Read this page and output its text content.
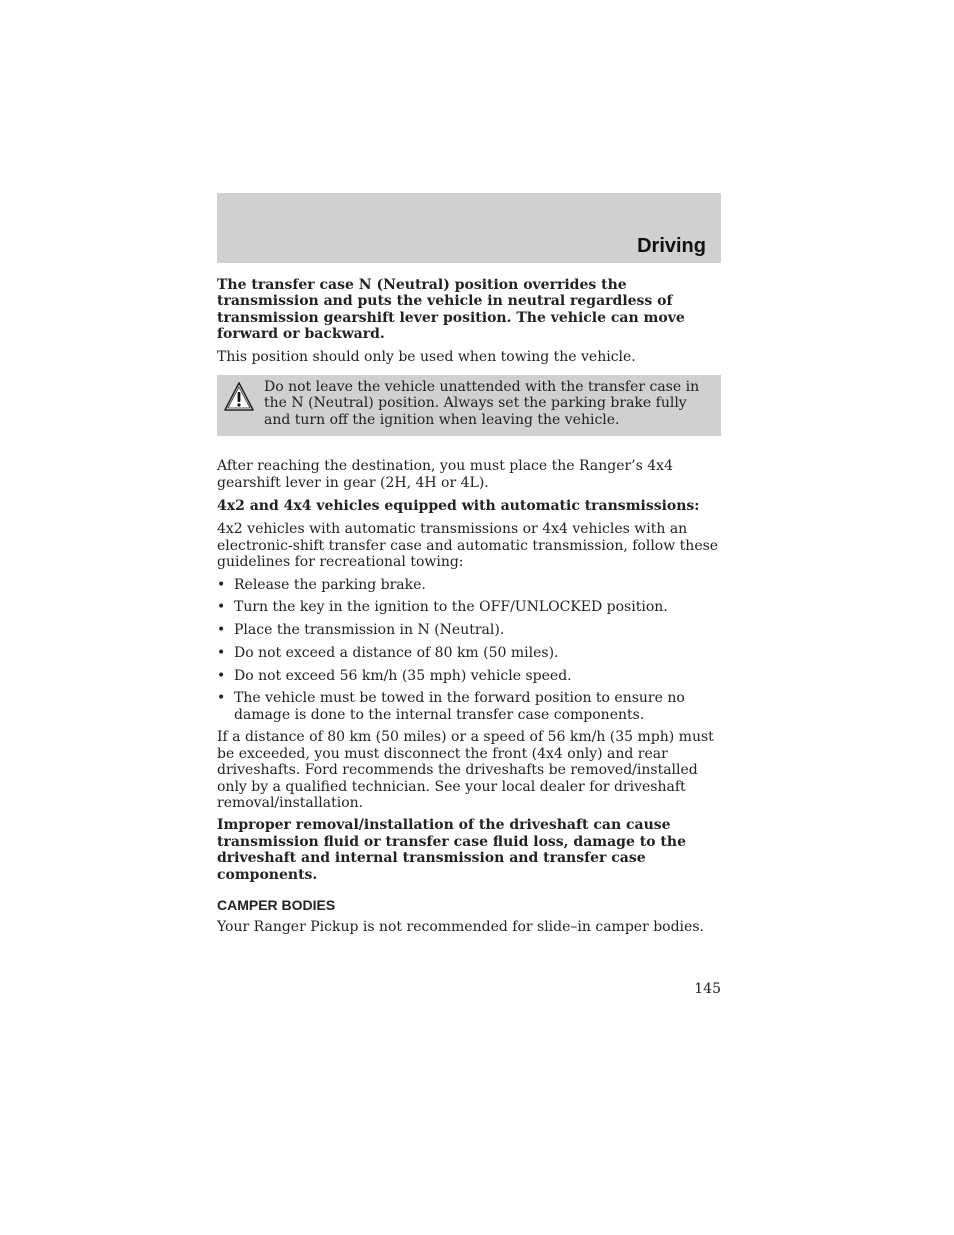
Driving

The transfer case N (Neutral) position overrides the transmission and puts the vehicle in neutral regardless of transmission gearshift lever position. The vehicle can move forward or backward.

This position should only be used when towing the vehicle.

Do not leave the vehicle unattended with the transfer case in the N (Neutral) position. Always set the parking brake fully and turn off the ignition when leaving the vehicle.

After reaching the destination, you must place the Ranger’s 4x4 gearshift lever in gear (2H, 4H or 4L).

4x2 and 4x4 vehicles equipped with automatic transmissions:

4x2 vehicles with automatic transmissions or 4x4 vehicles with an electronic-shift transfer case and automatic transmission, follow these guidelines for recreational towing:

• Release the parking brake.
• Turn the key in the ignition to the OFF/UNLOCKED position.
• Place the transmission in N (Neutral).
• Do not exceed a distance of 80 km (50 miles).
• Do not exceed 56 km/h (35 mph) vehicle speed.
• The vehicle must be towed in the forward position to ensure no damage is done to the internal transfer case components.

If a distance of 80 km (50 miles) or a speed of 56 km/h (35 mph) must be exceeded, you must disconnect the front (4x4 only) and rear driveshafts. Ford recommends the driveshafts be removed/installed only by a qualified technician. See your local dealer for driveshaft removal/installation.

Improper removal/installation of the driveshaft can cause transmission fluid or transfer case fluid loss, damage to the driveshaft and internal transmission and transfer case components.

CAMPER BODIES

Your Ranger Pickup is not recommended for slide–in camper bodies.

145
